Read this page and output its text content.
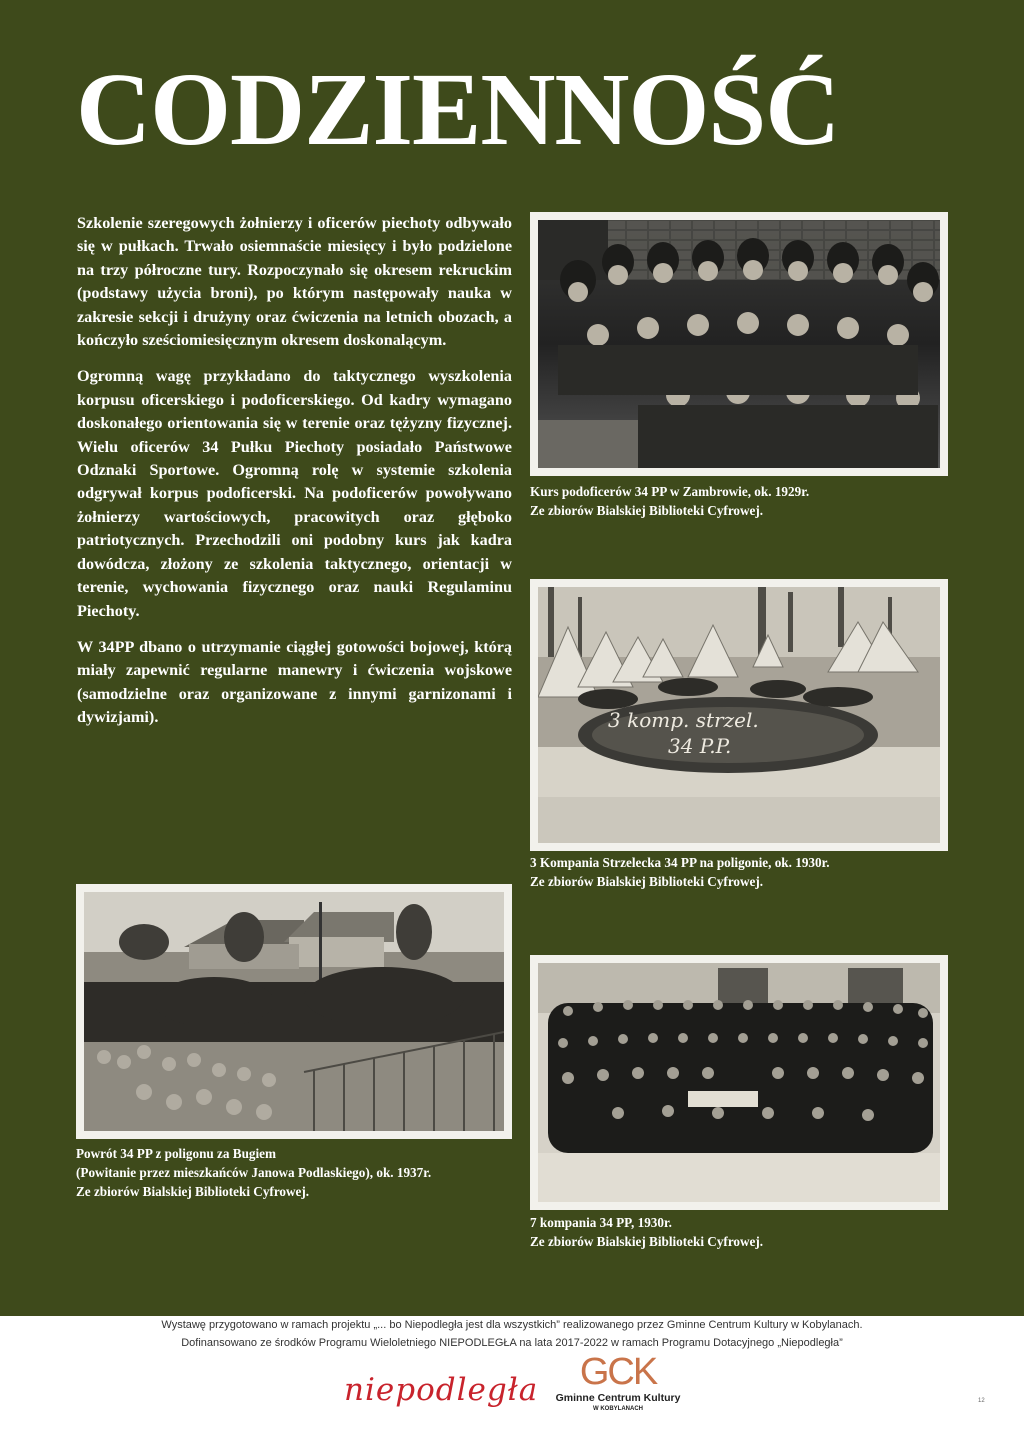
CODZIENNOŚĆ

Szkolenie szeregowych żołnierzy i oficerów piechoty odbywało się w pułkach. Trwało osiemnaście miesięcy i było podzielone na trzy półroczne tury. Rozpoczynało się okresem rekruckim (podstawy użycia broni), po którym następowały nauka w zakresie sekcji i drużyny oraz ćwiczenia na letnich obozach, a kończyło sześciomiesięcznym okresem doskonalącym.

Ogromną wagę przykładano do taktycznego wyszkolenia korpusu oficerskiego i podoficerskiego. Od kadry wymagano doskonałego orientowania się w terenie oraz tężyzny fizycznej. Wielu oficerów 34 Pułku Piechoty posiadało Państwowe Odznaki Sportowe. Ogromną rolę w systemie szkolenia odgrywał korpus podoficerski. Na podoficerów powoływano żołnierzy wartościowych, pracowitych oraz głęboko patriotycznych. Przechodzili oni podobny kurs jak kadra dowódcza, złożony ze szkolenia taktycznego, orientacji w terenie, wychowania fizycznego oraz nauki Regulaminu Piechoty.

W 34PP dbano o utrzymanie ciągłej gotowości bojowej, którą miały zapewnić regularne manewry i ćwiczenia wojskowe (samodzielne oraz organizowane z innymi garnizonami i dywizjami).

Kurs podoficerów 34 PP w Zambrowie, ok. 1929r.
Ze zbiorów Bialskiej Biblioteki Cyfrowej.
3 komp. strzel.
34 P.P.
3 Kompania Strzelecka 34 PP na poligonie, ok. 1930r.
Ze zbiorów Bialskiej Biblioteki Cyfrowej.
Powrót 34 PP z poligonu za Bugiem
(Powitanie przez mieszkańców Janowa Podlaskiego), ok. 1937r.
Ze zbiorów Bialskiej Biblioteki Cyfrowej.
7 kompania 34 PP, 1930r.
Ze zbiorów Bialskiej Biblioteki Cyfrowej.
Wystawę przygotowano w ramach projektu „... bo Niepodległa jest dla wszystkich” realizowanego przez Gminne Centrum Kultury w Kobylanach.
Dofinansowano ze środków Programu Wieloletniego NIEPODLEGŁA na lata 2017-2022 w ramach Programu Dotacyjnego „Niepodległa”
niepodległa	GCK
Gminne Centrum Kultury
W KOBYLANACH
12
